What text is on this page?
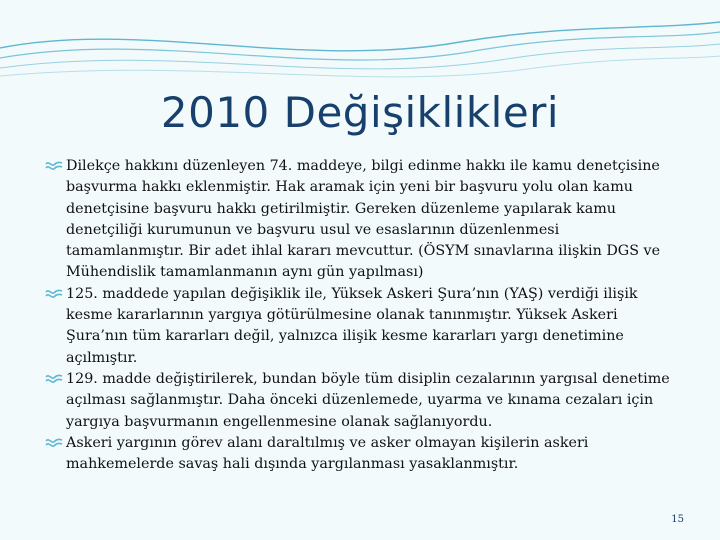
2010 Değişiklikleri
Dilekçe hakkını düzenleyen 74. maddeye, bilgi edinme hakkı ile kamu denetçisine başvurma hakkı eklenmiştir. Hak aramak için yeni bir başvuru yolu olan kamu denetçisine başvuru hakkı getirilmiştir. Gereken düzenleme yapılarak kamu denetçiliği kurumunun ve başvuru usul ve esaslarının düzenlenmesi tamamlanmıştır. Bir adet ihlal kararı mevcuttur. (ÖSYM sınavlarına ilişkin DGS ve Mühendislik tamamlanmanın aynı gün yapılması)
125. maddede yapılan değişiklik ile, Yüksek Askeri Şura’nın (YAŞ) verdiği ilişik kesme kararlarının yargıya götürülmesine olanak tanınmıştır. Yüksek Askeri Şura’nın tüm kararları değil, yalnızca ilişik kesme kararları yargı denetimine açılmıştır.
129. madde değiştirilerek, bundan böyle tüm disiplin cezalarının yargısal denetime açılması sağlanmıştır. Daha önceki düzenlemede, uyarma ve kınama cezaları için yargıya başvurmanın engellenmesine olanak sağlanıyordu.
Askeri yargının görev alanı daraltılmış ve asker olmayan kişilerin askeri mahkemelerde savaş hali dışında yargılanması yasaklanmıştır.
15
